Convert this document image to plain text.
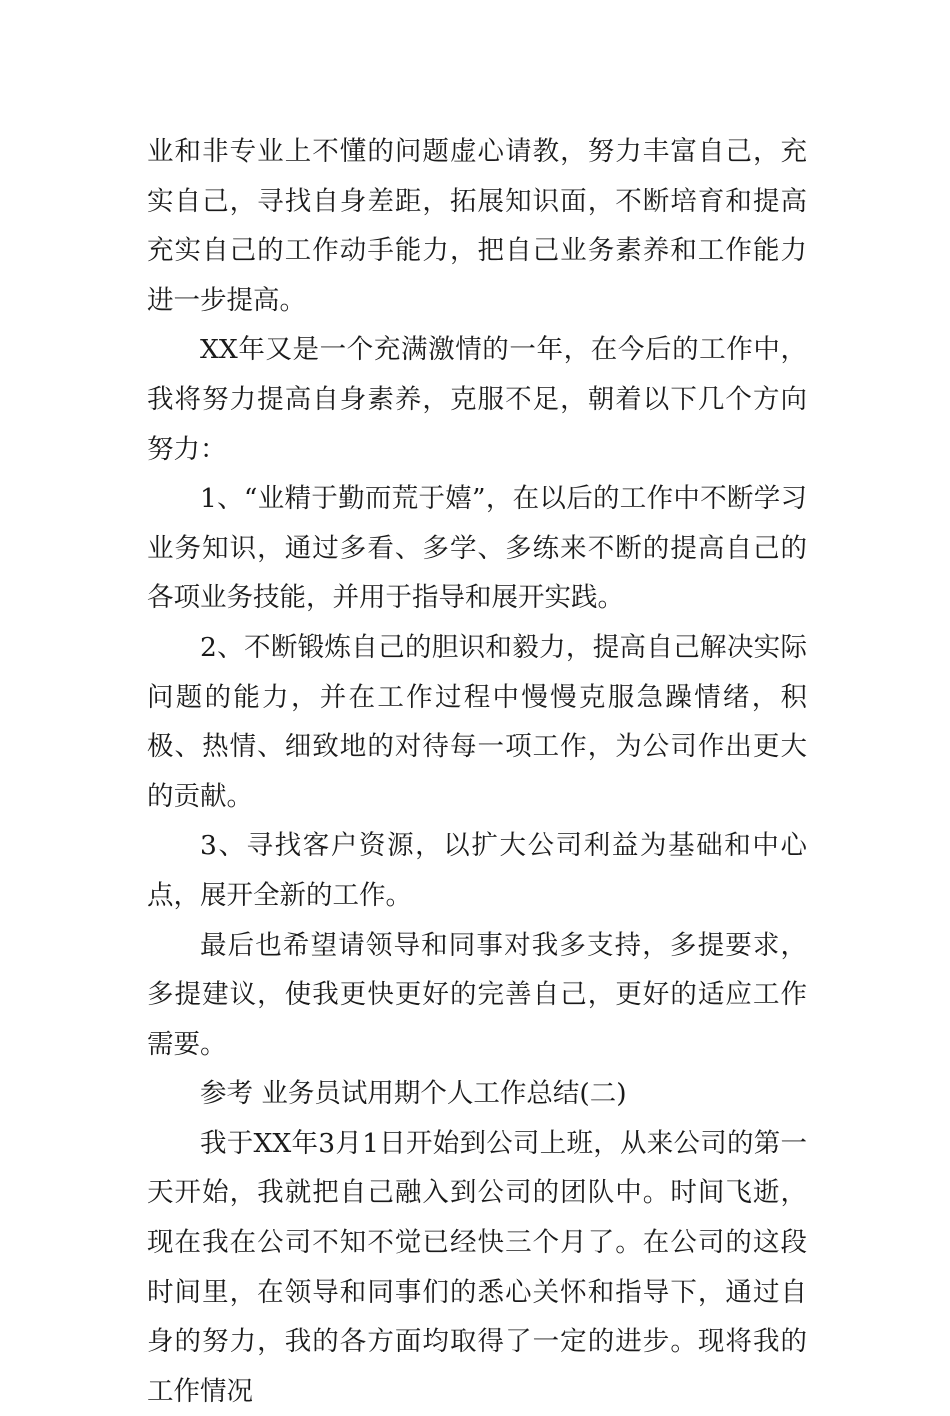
业和非专业上不懂的问题虚心请教，努力丰富自己，充实自己，寻找自身差距，拓展知识面，不断培育和提高充实自己的工作动手能力，把自己业务素养和工作能力进一步提高。

XX年又是一个充满激情的一年，在今后的工作中，我将努力提高自身素养，克服不足，朝着以下几个方向努力：

1、“业精于勤而荒于嬉”，在以后的工作中不断学习业务知识，通过多看、多学、多练来不断的提高自己的各项业务技能，并用于指导和展开实践。

2、不断锻炼自己的胆识和毅力，提高自己解决实际问题的能力，并在工作过程中慢慢克服急躁情绪，积极、热情、细致地的对待每一项工作，为公司作出更大的贡献。

3、寻找客户资源，以扩大公司利益为基础和中心点，展开全新的工作。

最后也希望请领导和同事对我多支持，多提要求，多提建议，使我更快更好的完善自己，更好的适应工作需要。

参考 业务员试用期个人工作总结(二)

我于XX年3月1日开始到公司上班，从来公司的第一天开始，我就把自己融入到公司的团队中。时间飞逝，现在我在公司不知不觉已经快三个月了。在公司的这段时间里，在领导和同事们的悉心关怀和指导下，通过自身的努力，我的各方面均取得了一定的进步。现将我的工作情况
